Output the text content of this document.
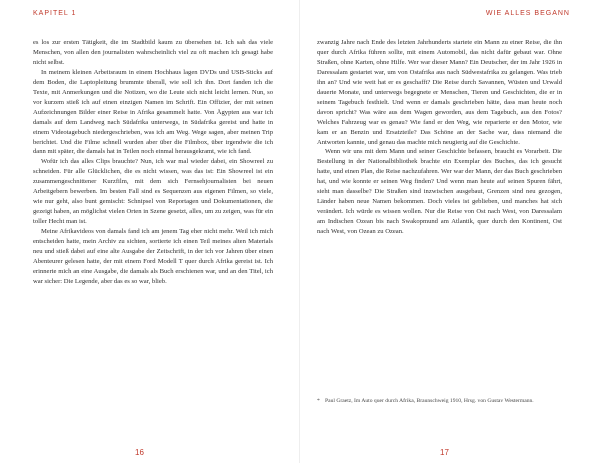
KAPITEL 1

es los zur ersten Tätigkeit, die im Stadtbild kaum zu übersehen ist. Ich sah das viele Menschen, von allen den journalisten wahrscheinlich viel zu oft machen ich gesagt habe nicht selbst.

In meinem kleinen Arbeitsraum in einem Hochhaus lagen DVDs und USB-Sticks auf dem Boden, die Laptopleitung brummte überall, wie soll ich ihn. Dort fanden ich die Texte, mit Anmerkungen und die Notizen, wo die Leute sich nicht leicht lernen. Nun, so vor kurzem stieß ich auf einen einzigen Namen im Schrift. Ein Offizier, der mit seinen Aufzeichnungen Bilder einer Reise in Afrika gesammelt hatte. Von Ägypten aus war ich damals auf dem Landweg nach Südafrika unterwegs, in Südafrika gereist und hatte in einem Videotagebuch niedergeschrieben, was ich am Weg. Wege sagen, aber meinen Trip berichtet. Und die Filme schnell wurden aber über die Filmbox, über irgendwie die ich dann mit später, die damals hat in Teilen noch einmal herausgekramt, wie ich fand.

Wofür ich das alles Clips brauchte? Nun, ich war mal wieder dabei, ein Showreel zu schneiden. Für alle Glücklichen, die es nicht wissen, was das ist: Ein Showreel ist ein zusammengeschnittener Kurzfilm, mit dem sich Fernsehjournalisten bei neuen Arbeitgebern bewerben. Im besten Fall sind es Sequenzen aus eigenen Filmen, so viele, wie nur geht, also bunt gemischt: Schnipsel von Reportagen und Dokumentationen, die gezeigt haben, an möglichst vielen Orten in Szene gesetzt, alles, um zu zeigen, was für ein toller Hecht man ist.

Meine Afrikavideos von damals fand ich am jenem Tag eher nicht mehr. Weil ich mich entscheiden hatte, mein Archiv zu sichten, sortierte ich einen Teil meines alten Materials neu und stieß dabei auf eine alte Ausgabe der Zeitschrift, in der ich vor Jahren über einen Abenteurer gelesen hatte, der mit einem Ford Modell T quer durch Afrika gereist ist. Ich erinnerte mich an eine Ausgabe, die damals als Buch erschienen war, und an den Titel, ich war sicher: Die Legende, aber das es so war, blieb.

16
WIE ALLES BEGANN

zwanzig Jahre nach Ende des letzten Jahrhunderts startete ein Mann zu einer Reise, die ihn quer durch Afrika führen sollte, mit einem Automobil, das nicht dafür gebaut war. Ohne Straßen, ohne Karten, ohne Hilfe. Wer war dieser Mann? Ein Deutscher, der im Jahr 1926 in Daressalam gestartet war, um von Ostafrika aus nach Südwestafrika zu gelangen. Was trieb ihn an? Und wie weit hat er es geschafft? Die Reise durch Savannen, Wüsten und Urwald dauerte Monate, und unterwegs begegnete er Menschen, Tieren und Geschichten, die er in seinem Tagebuch festhielt. Und wenn er damals geschrieben hätte, dass man heute noch davon spricht? Was wäre aus dem Wagen geworden, aus dem Tagebuch, aus den Fotos? Welches Fahrzeug war es genau? Wie fand er den Weg, wie reparierte er den Motor, wie kam er an Benzin und Ersatzteile? Das Schöne an der Sache war, dass niemand die Antworten kannte, und genau das machte mich neugierig auf die Geschichte.

Wenn wir uns mit dem Mann und seiner Geschichte befassen, braucht es Vorarbeit. Die Bestellung in der Nationalbibliothek brachte ein Exemplar des Buches, das ich gesucht hatte, und einen Plan, die Reise nachzufahren. Wer war der Mann, der das Buch geschrieben hat, und wie konnte er seinen Weg finden? Und wenn man heute auf seinen Spuren fährt, sieht man dasselbe? Die Straßen sind inzwischen ausgebaut, Grenzen sind neu gezogen, Länder haben neue Namen bekommen. Doch vieles ist geblieben, und manches hat sich verändert. Ich würde es wissen wollen. Nur die Reise von Ost nach West, von Daressalam am Indischen Ozean bis nach Swakopmund am Atlantik, quer durch den Kontinent, Ost nach West, von Ozean zu Ozean.

* Paul Graetz, Im Auto quer durch Afrika, Braunschweig 1910, Hrsg. von Gustav Westermann.
17
